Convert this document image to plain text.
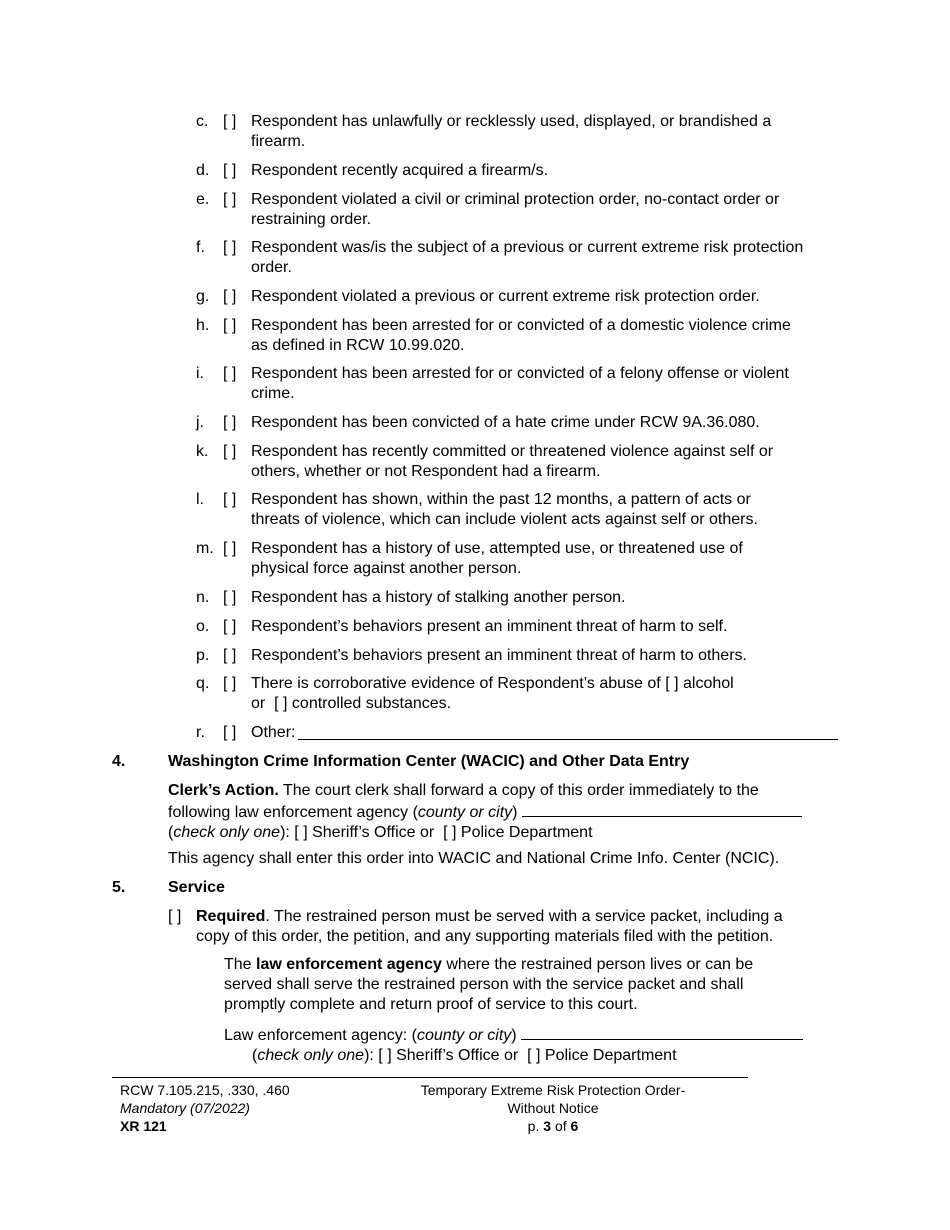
c. [ ] Respondent has unlawfully or recklessly used, displayed, or brandished a
firearm.
d. [ ] Respondent recently acquired a firearm/s.
e. [ ] Respondent violated a civil or criminal protection order, no-contact order or
restraining order.
f. [ ] Respondent was/is the subject of a previous or current extreme risk protection
order.
g. [ ] Respondent violated a previous or current extreme risk protection order.
h. [ ] Respondent has been arrested for or convicted of a domestic violence crime
as defined in RCW 10.99.020.
i. [ ] Respondent has been arrested for or convicted of a felony offense or violent
crime.
j. [ ] Respondent has been convicted of a hate crime under RCW 9A.36.080.
k. [ ] Respondent has recently committed or threatened violence against self or
others, whether or not Respondent had a firearm.
l. [ ] Respondent has shown, within the past 12 months, a pattern of acts or
threats of violence, which can include violent acts against self or others.
m. [ ] Respondent has a history of use, attempted use, or threatened use of
physical force against another person.
n. [ ] Respondent has a history of stalking another person.
o. [ ] Respondent’s behaviors present an imminent threat of harm to self.
p. [ ] Respondent’s behaviors present an imminent threat of harm to others.
q. [ ] There is corroborative evidence of Respondent’s abuse of [ ] alcohol
or [ ] controlled substances.
r. [ ] Other:
4.	Washington Crime Information Center (WACIC) and Other Data Entry
Clerk’s Action. The court clerk shall forward a copy of this order immediately to the
following law enforcement agency (county or city)
(check only one): [ ] Sheriff’s Office or [ ] Police Department
This agency shall enter this order into WACIC and National Crime Info. Center (NCIC).
5.	Service
[ ] Required. The restrained person must be served with a service packet, including a
copy of this order, the petition, and any supporting materials filed with the petition.
The law enforcement agency where the restrained person lives or can be
served shall serve the restrained person with the service packet and shall
promptly complete and return proof of service to this court.
Law enforcement agency: (county or city)
(check only one): [ ] Sheriff’s Office or [ ] Police Department
RCW 7.105.215, .330, .460
Mandatory (07/2022)
XR 121
Temporary Extreme Risk Protection Order-
Without Notice
p. 3 of 6
